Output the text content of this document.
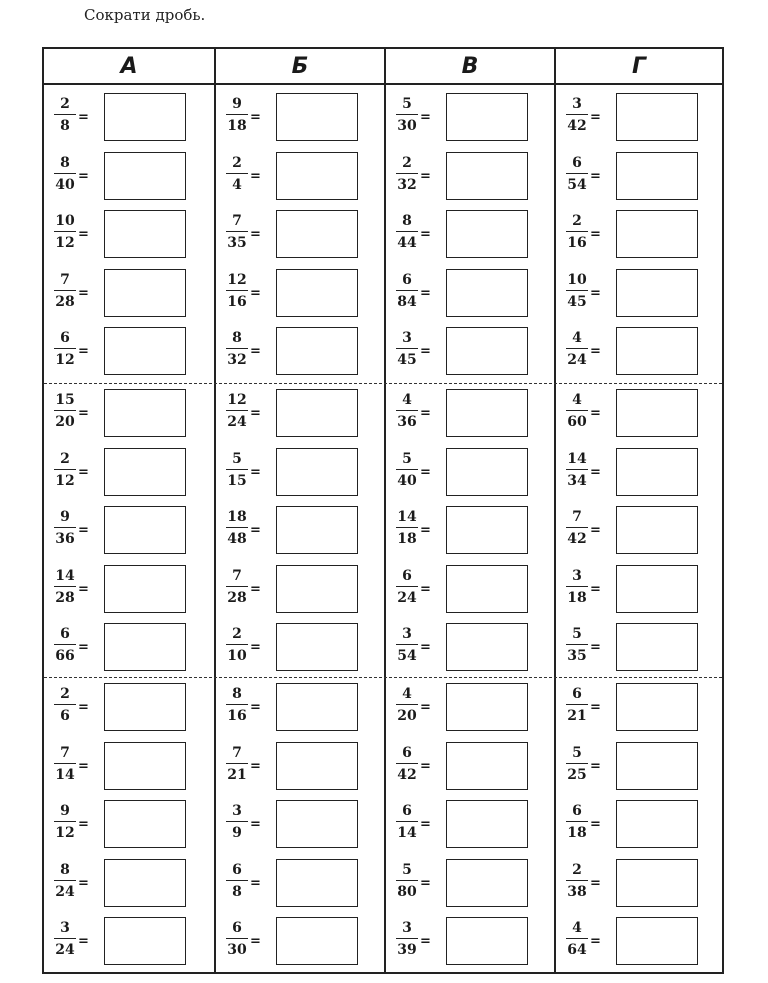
Сократи дробь.
А
2
8
=
8
40
=
10
12
=
7
28
=
6
12
=
15
20
=
2
12
=
9
36
=
14
28
=
6
66
=
2
6
=
7
14
=
9
12
=
8
24
=
3
24
=
Б
9
18
=
2
4
=
7
35
=
12
16
=
8
32
=
12
24
=
5
15
=
18
48
=
7
28
=
2
10
=
8
16
=
7
21
=
3
9
=
6
8
=
6
30
=
В
5
30
=
2
32
=
8
44
=
6
84
=
3
45
=
4
36
=
5
40
=
14
18
=
6
24
=
3
54
=
4
20
=
6
42
=
6
14
=
5
80
=
3
39
=
Г
3
42
=
6
54
=
2
16
=
10
45
=
4
24
=
4
60
=
14
34
=
7
42
=
3
18
=
5
35
=
6
21
=
5
25
=
6
18
=
2
38
=
4
64
=
